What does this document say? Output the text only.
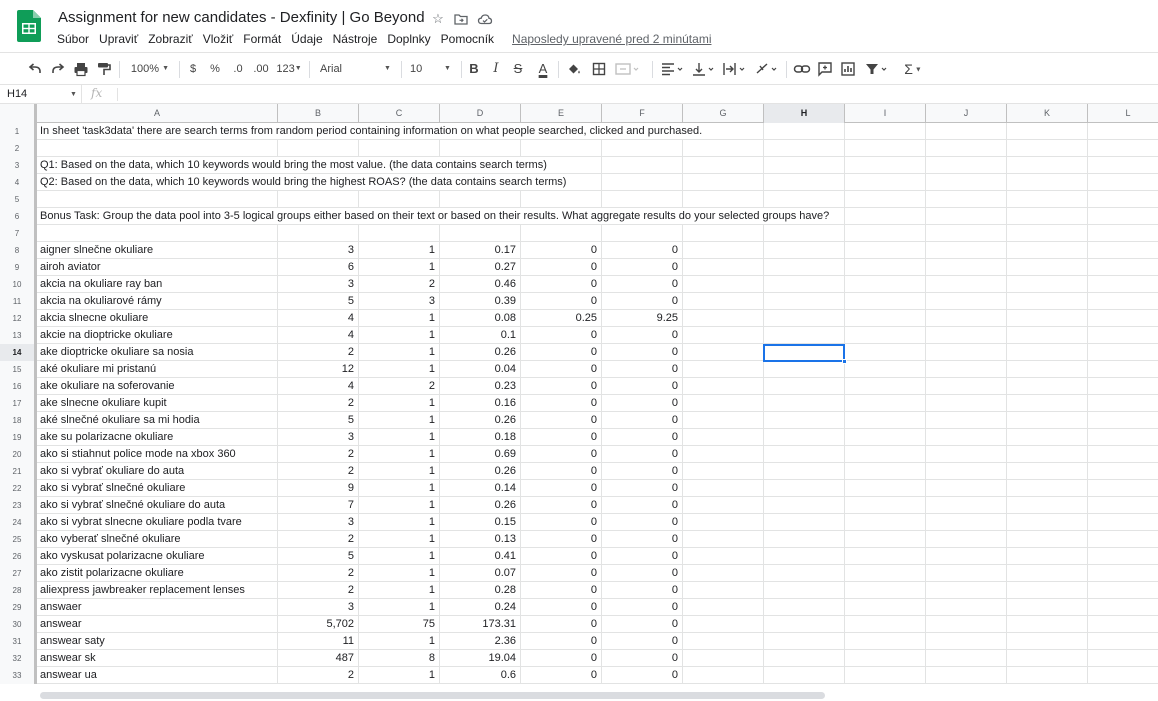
Assignment for new candidates - Dexfinity | Go Beyond ☆
Súbor Upraviť Zobraziť Vložiť Formát Údaje Nástroje Doplnky Pomocník	Naposledy upravené pred 2 minútami
100% ▼	$	%	.0 .00 123▼ Arial	▼ 10	▼ B	I	S A	Σ ▼
H14	▼ fx
A	B	C	D	E	F	G	H	I	J	K	L
1	In sheet 'task3data' there are search terms from random period containing information on what people searched, clicked and purchased.
2
3	Q1: Based on the data, which 10 keywords would bring the most value. (the data contains search terms)
4	Q2: Based on the data, which 10 keywords would bring the highest ROAS? (the data contains search terms)
5
6	Bonus Task: Group the data pool into 3-5 logical groups either based on their text or based on their results. What aggregate results do your selected groups have?
7
8	aigner slnečne okuliare	3	1	0.17	0	0
9	airoh aviator	6	1	0.27	0	0
10	akcia na okuliare ray ban	3	2	0.46	0	0
11	akcia na okuliarové rámy	5	3	0.39	0	0
12	akcia slnecne okuliare	4	1	0.08	0.25	9.25
13	akcie na dioptricke okuliare	4	1	0.1	0	0
14	ake dioptricke okuliare sa nosia	2	1	0.26	0	0
15	aké okuliare mi pristanú	12	1	0.04	0	0
16	ake okuliare na soferovanie	4	2	0.23	0	0
17	ake slnecne okuliare kupit	2	1	0.16	0	0
18	aké slnečné okuliare sa mi hodia	5	1	0.26	0	0
19	ake su polarizacne okuliare	3	1	0.18	0	0
20	ako si stiahnut police mode na xbox 360	2	1	0.69	0	0
21	ako si vybrať okuliare do auta	2	1	0.26	0	0
22	ako si vybrať slnečné okuliare	9	1	0.14	0	0
23	ako si vybrať slnečné okuliare do auta	7	1	0.26	0	0
24	ako si vybrat slnecne okuliare podla tvare	3	1	0.15	0	0
25	ako vyberať slnečné okuliare	2	1	0.13	0	0
26	ako vyskusat polarizacne okuliare	5	1	0.41	0	0
27	ako zistit polarizacne okuliare	2	1	0.07	0	0
28	aliexpress jawbreaker replacement lenses	2	1	0.28	0	0
29	answaer	3	1	0.24	0	0
30	answear	5,702	75	173.31	0	0
31	answear saty	11	1	2.36	0	0
32	answear sk	487	8	19.04	0	0
33	answear ua	2	1	0.6	0	0
